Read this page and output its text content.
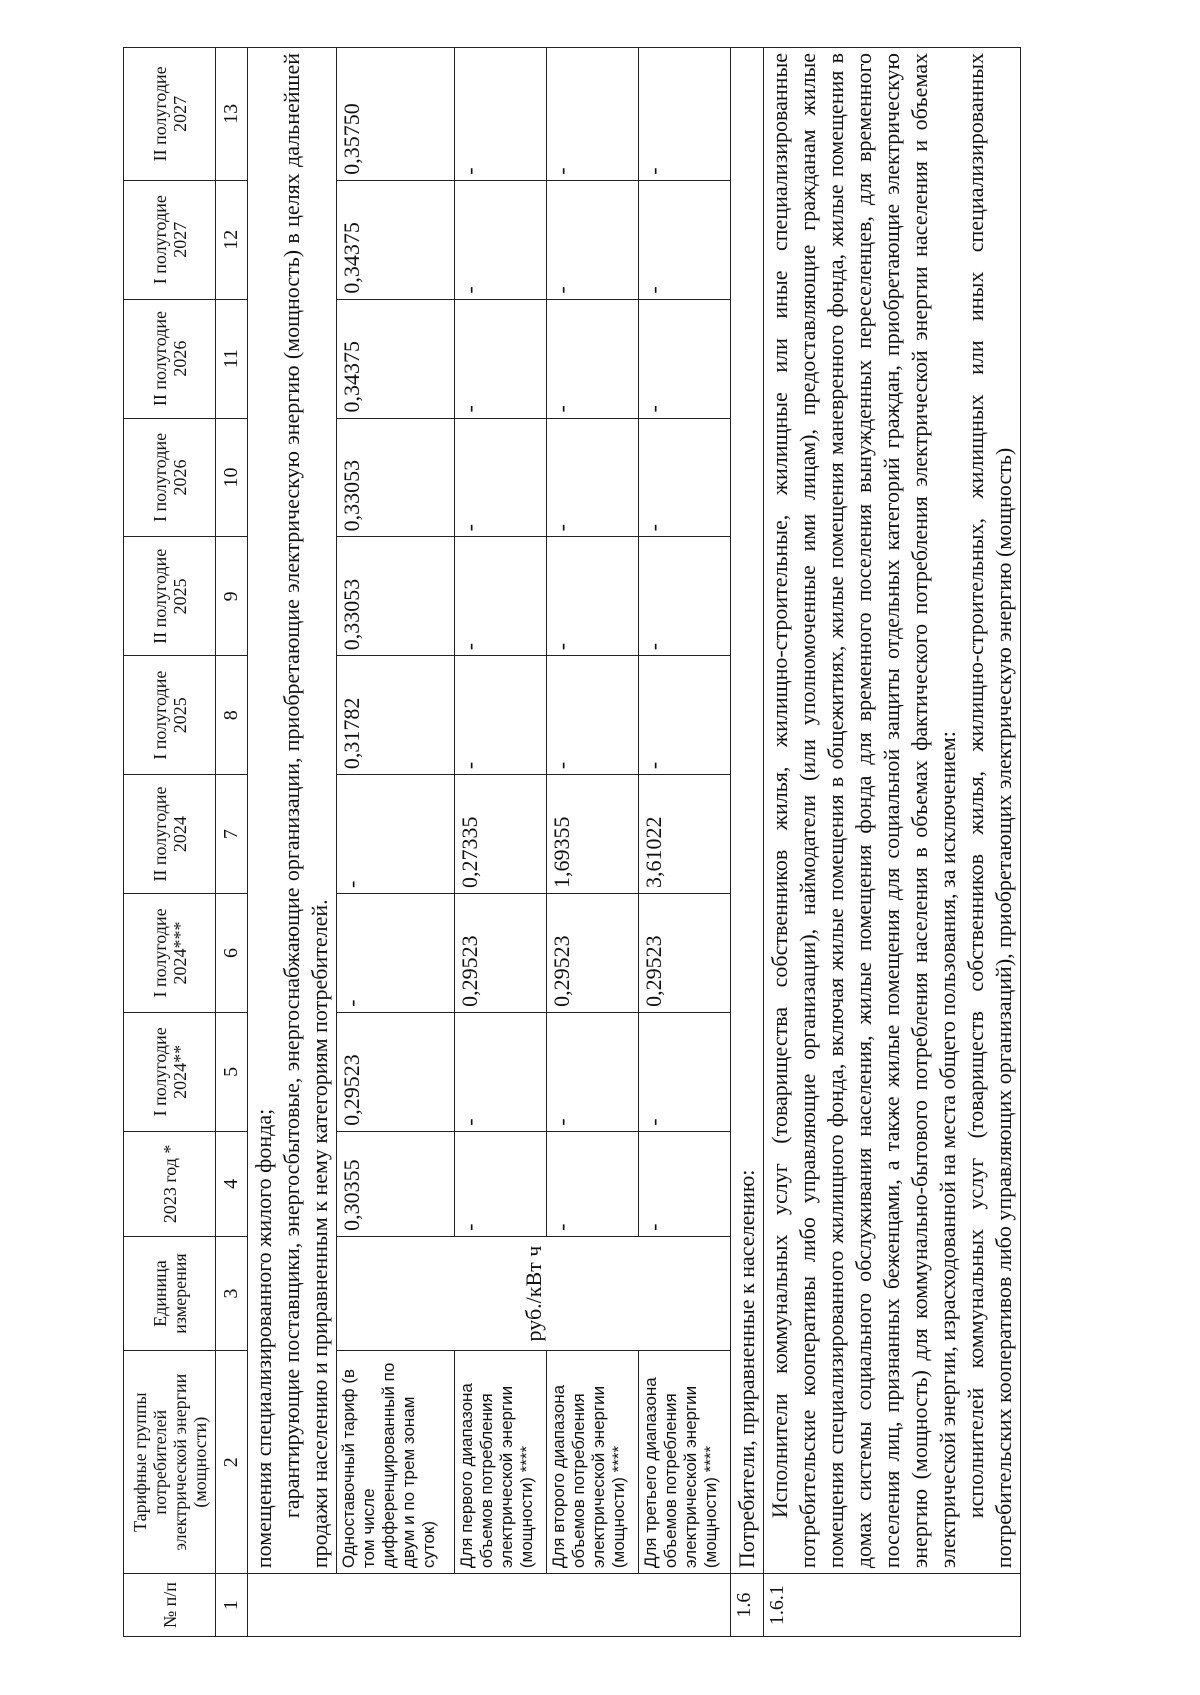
№ п/п	Тарифные группы потребителей электрической энергии (мощности)	Единица измерения	2023 год *	I полугодие 2024**	I полугодие 2024***	II полугодие 2024	I полугодие 2025	II полугодие 2025	I полугодие 2026	II полугодие 2026	I полугодие 2027	II полугодие 2027
1	2	3	4	5	6	7	8	9	10	11	12	13

	помещения специализированного жилого фонда; гарантирующие поставщики, энергосбытовые, энергоснабжающие организации, приобретающие электрическую энергию (мощность) в целях дальнейшей продажи населению и приравненным к нему категориям потребителей.											

	Одноставочный тариф (в том числе дифференцированный по двум и по трем зонам суток)	руб./кВт ч	0,30355	0,29523	-	-	0,31782	0,33053	0,33053	0,34375	0,34375	0,35750
	Для первого диапазона объемов потребления электрической энергии (мощности) ****		-	-	0,29523	0,27335	-	-	-	-	-	-
	Для второго диапазона объемов потребления электрической энергии (мощности) ****		-	-	0,29523	1,69355	-	-	-	-	-	-
	Для третьего диапазона объемов потребления электрической энергии (мощности) ****		-	-	0,29523	3,61022	-	-	-	-	-	-
1.6	Потребители, приравненные к населению:											
1.6.1	Исполнители коммунальных услуг (товарищества собственников жилья, жилищно-строительные, жилищные или иные специализированные потребительские кооперативы либо управляющие организации), наймодатели (или уполномоченные ими лицам), предоставляющие гражданам жилые помещения специализированного жилищного фонда, включая жилые помещения в общежитиях, жилые помещения маневренного фонда, жилые помещения в домах системы социального обслуживания населения, жилые помещения фонда для временного поселения вынужденных переселенцев, для временного поселения лиц, признанных беженцами, а также жилые помещения для социальной защиты отдельных категорий граждан, приобретающие электрическую энергию (мощность) для коммунально-бытового потребления населения в объемах фактического потребления электрической энергии населения и объемах электрической энергии, израсходованной на места общего пользования, за исключением: исполнителей коммунальных услуг (товариществ собственников жилья, жилищно-строительных, жилищных или иных специализированных потребительских кооперативов либо управляющих организаций), приобретающих электрическую энергию (мощность)											
